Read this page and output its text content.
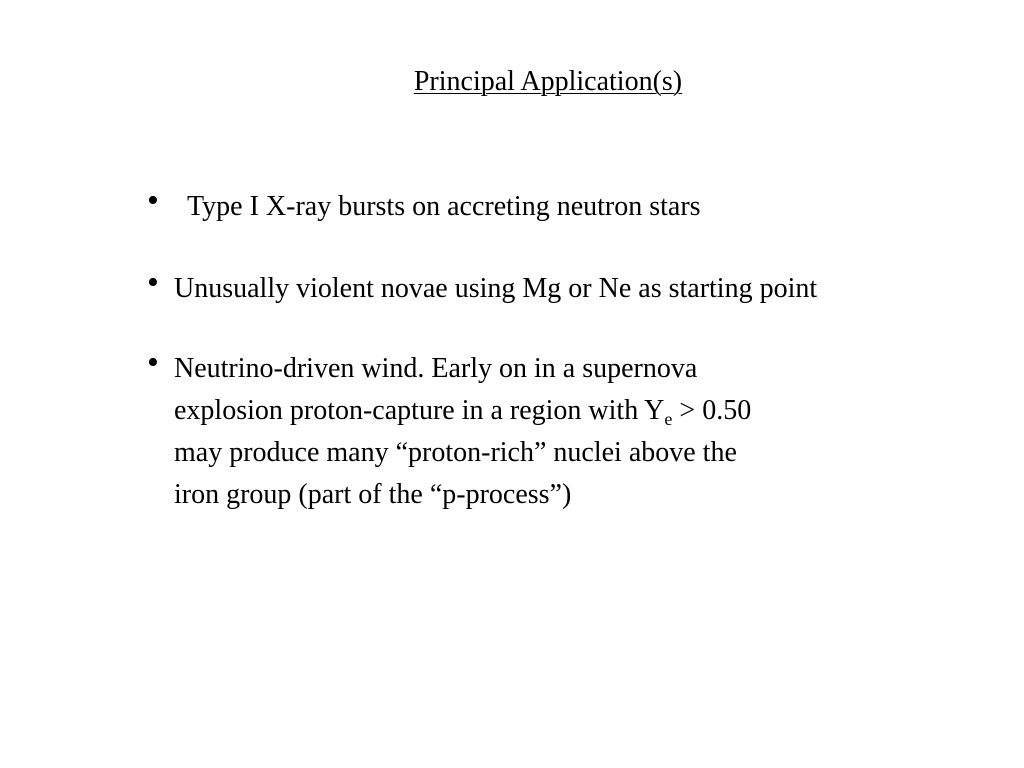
Principal Application(s)
• Type I X-ray bursts on accreting neutron stars
• Unusually violent novae using Mg or Ne as starting point
• Neutrino-driven wind. Early on in a supernova
explosion proton-capture in a region with $Y_e > 0.50$
may produce many “proton-rich” nuclei above the
iron group (part of the “p-process”)
